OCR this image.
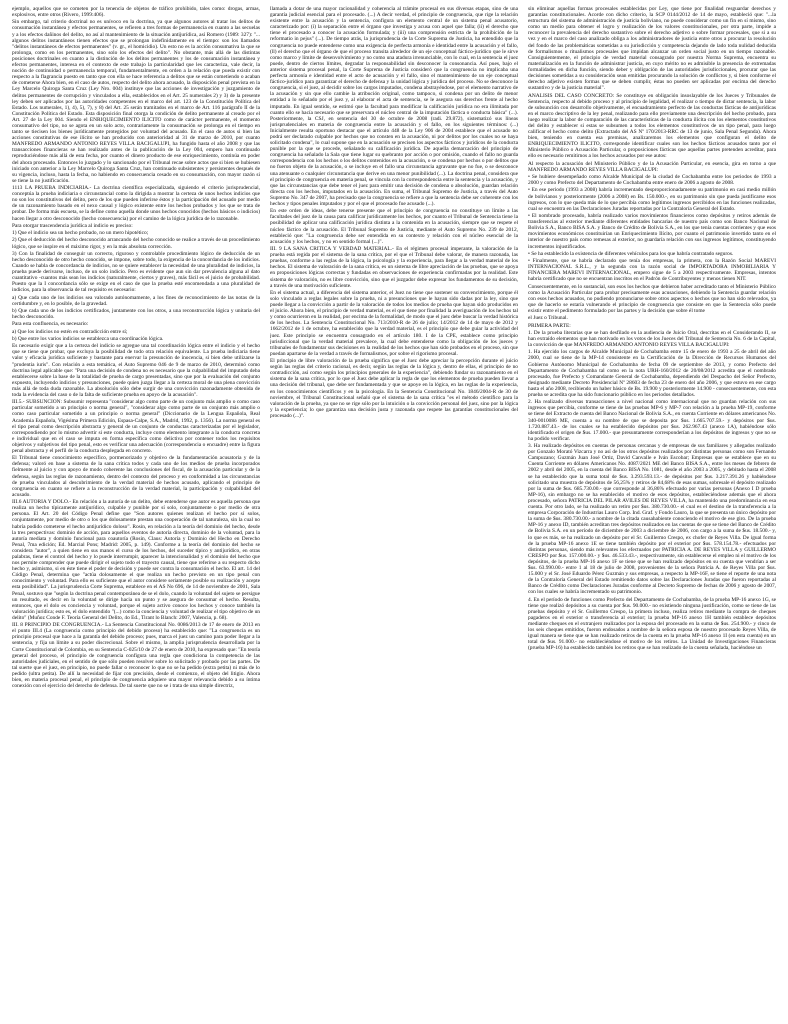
ejemplo, aquellos que se cometen por la tenencia de objetos de tráfico prohibido, tales como: drogas, armas, explosivos, entre otros (Rivero, 1999:406).

Sin embargo, tal criterio doctrinal no es unívoco en la doctrina, ya que algunos autores al tratar los delitos de consumación instantánea y efectos permanentes, se refieren a tres formas de permanencia en cuanto a las secuelas y a los efectos dañinos del delito, no así al mantenimiento de la situación antijurídica, así Romero (1989: 327): "... algunos delitos instantáneos tienen efectos que se prolongan indefinidamente en el tiempo: son los llamados "delitos instantáneos de efectos permanentes" (v. gr., el homicidio). Un esto no es la acción consumativa la que se prolonga, como en los permanentes, sino solo los efectos del delito". No obstante, más allá de las distintas posiciones doctrinales en cuanto a la distinción de los delitos permanentes y los de consumación instantánea y efectos permanentes, interesa en el contexto de este trabajo la particularidad que les caracteriza, vale decir, la noción de continuidad o permanencia temporal, fundamentalmente, en orden a la relación que pueda existir con respecto a la flagrancia puesto en tanto que con ella se hace referencia a delitos que se están cometiendo o acaban de cometerse Ahora bien, en el caso de autos, respecto del delito ahora acusado, la disposición penal prevista en la Ley Marcelo Quiroga Santa Cruz (Ley Nro. 004) instituye que las acciones de investigación y juzgamiento de delitos permanentes de corrupción y vinculados a ella, establecidos en el Art. 25 numerales 2) y 3) de la presente ley deben ser aplicados por las autoridades competentes en el marco del art. 123 de la Constitución Política del Estado. Los numerales, 1), 4), 5), 7), y 8) del Art. 25 serán tramitados en el marco de Art. 116 parágrafo II de la Constitución Política del Estado. Esta disposición final otorga la condición de delito permanente al creado por el Art. 27 de la Ley 004. Siendo el ENRIQUECIMIENTO ILICITO como de carácter permanente, el momento consumativo del tipo, no se agota en un solo acto, contrariamente la consumación se prolonga en el tiempo en tanto se tiecisen los bienes jurídicamente protegidos por voluntad del acusado. En el caso de autos si bien las acciones constitutivas de ese ilícito se han producido con anterioridad al 31 de marzo de 2010, por cuanto MANFREDO ARMANDO ANTONIO REYES VILLA BACIGALUPI, ha fungido hasta el año 2008 y que las transacciones financieras se han realizado antes de la publicación de la Ley 004, empero han continuado reproduciéndose más allá de esta fecha, por cuanto el dinero producto de ese enriquecimiento, continúa en poder del ahora procesado. Entonces lo juzgado y lo sancionado por el Tribunal recae sobre actos que si bien se hubiesen iniciado con anterior a la Ley Marcelo Quiroga Santa Cruz, han continuado subsistentes y persistentes después de su vigencia, incluso, hasta la fecha, no habiendo en consecuencia cesado en su consumación, con mayor razón si se tiene la no justificación.

1113 LA PRUEBA INDICIARIA.- La doctrina científica especializada, siguiendo el criterio jurisprudencial, conceptúa la prueba indiciaria o circunstancial como la dirigida a mostrar la certeza de unos hechos indicios que no son los constitutivos del delito, pero de los que pueden inferirse éstos y la participación del acusado por medio de un razonamiento basado en el nexo causal y lógico existente entre los hechos probados y los que se trata de probar. De forma más escueta, se la define como aquella donde unos hechos conocidos (hechos básicos o indicios) hacen llegar a otro desconocido (hecho consecuencia) por el camino de la lógica jurídica de lo razonable.

Para otorgar trascendencia jurídica al indicio es preciso:

1) Que el indicio sea un hecho probado, no un mero hipotético;

2) Que el deducción del hecho desconocido arrancando del hecho conocido se realice a través de un procedimiento lógico, que se inspire en el máximo rigor, y en la más absoluta corrección.

3) Con la finalidad de conseguir un correcto, riguroso y controlable procedimiento lógico de deducción de un hecho desconocido de otro hecho conocido, se impone, sobre todo, la exigencia de la concordancia de los indicios. Cuando se habla de concordancia de indicios, no se quiere establecer la necesidad de una pluralidad de indicios, la prueba puede derivarse, incluso, de un solo indicio. Pero es evidente que aun sin dar prevalencia alguna al dato cuantitativo -cuantos más sean los indicios (naturalmente, ciertos y graves), más fácil es el juicio de probabilidad. Puesto que la I concordancia sólo se exige en el caso de que la prueba esté encomendada a una pluralidad de indicios, para la observancia de tal requisito es necesario:

a) Que cada uno de los indicios sea valorado autónomamente, a los fines de reconocimiento de las notas de la certidumbre y, en lo posible, de la gravedad.

b) Que cada uno de los indicios certificados, juntamente con los otros, a una reconstrucción lógica y unitaria del hecho desconocido.

Para esta confluencia, es necesario:

a) Que los indicios no estén en contradicción entre sí;

b) Que entre los varios indicios se establezca una coordinación lógica.

Es necesario exigir que a la certeza del indicio se agregue una tal coordinación lógica entre el indicio y el hecho que se tiene que probar, que excluya la posibilidad de todo otra relación equivalente. La prueba indiciaria tiene valor y eficacia jurídica suficiente y bastante para enervar la presunción de inocencia, si bien debe utilizarse la "prudentia iuris". Con relación a esta temática, el Auto Supremo 046 de 9 de marzo de 2010, determinó como doctrina legal aplicable que: "Para una decisión de condena no es necesario que la culpabilidad del imputado deba establecerse sobre la base de la totalidad de prueba de cargo presentadas, sino que por la evaluación del conjunto expuesto, incluyendo indicios y presunciones, puede quien juzga llegar a la certeza moral de una plena convicción más allá de toda duda razonable. La absolución sólo debe surgir de una convicción razonadamente obtenida de toda la evidencia del caso o de la falta de suficiente prueba en apoyo de la acusación".

III.5.- SUBSUNCION: Subsumir representa "considerar algo como parte de un conjunto más amplio o como caso particular sometido a un principio o norma general", "considerar algo como parte de un conjunto más amplio o como caso particular sometido a un principio o norma general" (Diccionario de la Lengua Española, Real Academia Española, Vigésima Primera Edición, Espasa-Calpe, S.A., Madrid, 1992, p. 1356). La norma general es el tipo penal como descripción abstracta y general de un conjunto de conductas caracterizadas por el legislador, correspondiendo por lo mismo advertir si este conducta, incluye como elemento integrante a la conducta concreta e individual que en el caso se imputa en forma específica como delictiva por contener todos los requisitos objetivos y subjetivos del tipo penal, esto es verificar una adecuación (correspondencia o encuadre) entre la figura penal abstracta y el perfil de la conducta desplegada en concreto.

El Tribunal tiene conocimiento específico, pormenorizado y objetivo de la fundamentación acusatoria y de la defensa; valoró en base a sistema de la sana crítica todos y cada uno de los medios de prueba incorporados fielmente al juicio y con apoyo de modo coherente las conclusiones del fiscal, de la acusación particular y de la defensa, según las reglas de razonamiento, dentro del contexto del proceso y en conformidad a las circunstancias de prueba vinculados al descubrimiento de la verdad material de hechos acusado, aplicando el principio de congruencia en cuanto se refiere a la reconstrucción de la verdad material, la participación y culpabilidad del acusado.

III.6 AUTORIA Y DOLO.- En relación a la autoría de un delito, debe entenderse que autor es aquella persona que realiza un hecho típicamente antijurídico, culpable y punible por sí solo, conjuntamente o por medio de otra persona. El Art. 20 del Código Penal define que "Son autores quienes realizan el hecho por sí solos, conjuntamente, por medio de otro o los que dolosamente prestan una cooperación de tal naturaleza, sin la cual no habría podido cometerse el hecho antijurídico doloso". Rosin, en relación a la teoría del dominio del hecho, desde la tres perspectivas: dominio de acción, para aquellos eventos de autoría directa, dominio de la voluntad, para la autoría mediata y dominio funcional para coautoría (Rosin, Claus: Autoría y Dominio del Hecho en Derecho Penal, 7ma edición; Ed. Marcial Pons; Madrid: 2005, p. 149). Conforme a la teoría del dominio del hecho se considera "autor", a quien tiene en sus manos el curso de los hechos, del suceder típico y antijurídico, en otras palabras, tiene el control del hecho y lo puede interrumpir, aparecer la intencionalidad y el dominio del hecho que nos permite comprender que puede dirigir el sujeto todo el trayecto causal, tiene que referirse a su respecto dicho hecho y, asimismo, si en éste tiene el poder de decisión y puede ser contra la consumación el hecho. El art. 14 del Código Penal, determina que "actúa dolosamente el que realiza un hecho previsto en un tipo penal con conocimiento y voluntad. Para ello es suficiente que el autor considere seriamente posible su realización y acepte esta posibilidad". La jurisprudencia Corte Suprema, establece en el AS No 696, de 14 de noviembre de 2001, Sala Penal, sostuvo que "según la doctrina penal contemporánea de se el dolo, cuando la voluntad del sujeto se persigue un resultado, es decir en la voluntad se dirige hacia un punto y se asegura de consumar el hecho. Resulta, entonces, que el dolo es conciencia y voluntad, porque el sujeto activo conoce los hechos y conoce también la valoración jurídica; esto es, el dolo entendido "(...) como la conciencia y voluntad de realizar el tipo objetivo de un delito" (Muñoz Conde F. Teoría General del Delito, 4o Ed., Tirant lo Blanch: 2007, Valencia, p. 68).

III. 8 PRINCIPIO DE CONGRUENCIA.- La Sentencia Constitucional No. 0086/2013 de 17 de enero de 2013 en el punto III.4 (La congruencia como principio del debido proceso) ha establecido que: "La congruencia es un principio procesal que hace a la garantía del debido proceso; pues, marca el juez un camino para poder llegar a la sentencia, y fija un límite a su poder discrecional. Sobre el mismo, la amplia jurisprudencia desarrollada por la Corte Constitucional de Colombia, en su Sentencia C-025/10 de 27 de enero de 2010, ha expresado que: "En teoría general del proceso, el principio de congruencia configura una regla que condiciona la competencia de las autoridades judiciales, en el sentido de que sólo pueden resolver sobre lo solicitado y probado por las partes. De tal suerte que el juez, en principio, no puede fallar o reconocer lo que no se ha pedido (extra petita) ni más de lo pedido (ultra petita). De allí la necesidad de fijar con precisión, desde el comienzo, el objeto del litigio. Ahora bien, en materia procesal penal, el principio de congruencia adquiere una mayor relevancia debido a su íntima conexión con el ejercicio del derecho de defensa. De tal suerte que no se i trata de una simple directriz,

llamada a dotar de una mayor racionalidad y coherencia al trámite procesal en sus diversas etapas, sino de una garantía judicial esencial para el procesado. (...) A decir verdad, el principio de congruencia, que rige la relación existente entre la acusación y la sentencia, configura un elemento central de un sistema penal acusatorio, caracterizado por: (i) la separación entre el órgano que investiga y acusa con aquel que falla; (ii) el derecho que tiene el procesado a conocer la acusación formulada; y (iii) una comprensión estricta de la prohibición de la reformatio in pejus" (...). De tiempo atrás, la jurisprudencia de la Corte Suprema de Justicia, ha entendido que la congruencia no puede entenderse como una exigencia de perfecta armonía e identidad entre la acusación y el fallo, (ll) el derecho que el órgano de que el proceso transita alrededor de un eje conceptual fáctico-jurídico que le sirve como marco y límite de desenvolvimiento y no como una atadura irrenunciable, con lo cual, en la sentencia el juez puede, dentro de ciertos límites, degradar la responsabilidad sin desconocer la consonancia. Así pues, bajo el anterior sistema procesal penal, la Corte Suprema de Justicia consideró que la congruencia no implicaba una perfecta armonía e identidad entre el acto de acusación y el fallo, sino el mantenimiento de un eje conceptual fáctico-jurídico para garantizar el derecho de defensa y la unidad lógica y jurídica del proceso. No se desconoce la congruencia, si el juez, al decidir sobre los cargos imputados, condena abstrayéndose, por el elemento narrativo de la acusación y sin que ello cambie la atribución original, como tampoco, si condena por un delito de menor entidad a lo señalado por el juez y, al elaborar el acta de sentencia, se le asegura sus derechos frente al hecho imputado. En igual sentido, se estimó que la facultad para modificar la calificación jurídica no era ilimitada por cuanto ello se hacía necesario que se preservara el núcleo central de la imputación fáctica o conducta básica" (...). Posteriormente, la CSJ, en sentencia del 30 de octubre de 2008 (radi. 29.872), sistematizó sus líneas jurisprudenciales en materia de congruencia entre la acusación y el fallo, en los siguientes términos: (...) Inicialmente resulta oportuno destacar que el artículo 448 de la Ley 906 de 2004 establece que el acusado no podrá ser declarado culpable por hechos que no consten en la acusación, ni por delitos por los cuales no se haya solicitado condena", lo cual supone que en la acusación se precisen los aspectos fácticos y jurídicos de la conducta punible por la que se procede, señalando su calificación jurídica. De aquella demarcación del principio de congruencia ha señalado la Sala que tiene lugar su quebranto por acción o por omisión, cuando el fallo no guarda correspondencia con los hechos o los delitos contenidos en la acusación, o se condena por hechos o por delitos que no fueron objeto de la acusación, o se incluye en el fallo una circunstancia agravante que no fue, o se desconoce una atenuante o cualquier circunstancia que derive en una menor punibilidad (...). La doctrina penal, considera que el principio de congruencia en materia penal, se vincula con la correspondencia entre la sentencia y la acusación, y que las circunstancias que debe tener el juez para emitir una decisión de condena o absolución, guardan relación directa con los hechos, imputados en la acusación. En suma, el Tribunal Supremo de Justicia, a través del Auto Supremo No. 347 de 2007, ha precisado que la congruencia se refiere a que la sentencia debe ser coherente con los hechos y tipos penales imputados y por el que el procesado fue acusado (...).

En este orden de ideas, debe tenerse presente que el principio de congruencia no constituye un límite a las facultades del juez de la causa para calificar jurídicamente los hechos, por cuanto el Tribunal de Sentencia tiene la posibilidad de aplicar una calificación jurídica distinta a la contenida en la acusación, siempre que se respete el núcleo fáctico de la acusación. El Tribunal Supremo de Justicia, mediante el Auto Supremo No. 239 de 2012, estableció que: "La congruencia debe ser entendida en su contexto y relación con el núcleo esencial de la acusación y los hechos, y no en sentido formal (...)".

III. 9 LA SANA CRITICA Y VERDAD MATERIAL.- En el régimen procesal imperante, la valoración de la prueba está regida por el sistema de la sana crítica, por el que el Tribunal debe valorar, de manera razonada, las pruebas, conforme a las reglas de la lógica, la psicología y la experiencia, para llegar a la verdad material de los hechos. El sistema de valoración de la sana crítica, es un sistema de libre apreciación de las pruebas, que se apoya en proposiciones lógicas correctas y fundadas en observaciones de experiencia confirmadas por la realidad. Este sistema de valoración, no es libre convicción, sino que el juzgador debe expresar los fundamentos de su decisión, a través de una motivación suficiente.

En el sistema actual, a diferencia del sistema anterior, el Juez no tiene que sostener su convencimiento, porque él solo vinculado a reglas legales sobre la prueba, ni a presunciones que le hayan sido dadas por la ley, sino que puede llegar a la convicción a partir de la valoración de todos los medios de prueba que hayan sido producidos en el juicio. Ahora bien, el principio de verdad material, es el que tiene por finalidad la averiguación de los hechos tal y como ocurrieron en la realidad, por encima de la formalidad, de modo que el juez debe buscar la verdad histórica de los hechos. La Sentencia Constitucional No. 713/2010-R de 26 de julio; 14/2012 de 14 de mayo de 2012 y 1662/2012 de 1 de octubre, ha establecido que la verdad material, es el principio que debe guiar la actividad del juez. Este principio se encuentra consagrado en el artículo 180. I de la CPE, establece como principio jurisdiccional que la verdad material prevalece, la cual debe entenderse como la obligación de los jueces y tribunales de fundamentar sus decisiones en la realidad de los hechos que han sido probados en el proceso, sin que puedan apartarse de la verdad a través de formalismos, por sobre el rigorismo procesal.

El principio de libre valoración de la prueba significa que el Juez debe apreciar la percepción durante el juicio según las reglas del criterio racional, es decir, según las reglas de la lógica y, dentro de ellas, el principio de no contradicción, así como según los principios generales de la experiencia", debiendo fundar su razonamiento en el sistema de la sana crítica, por lo que el Juez debe aplicar la regla de que los elementos de prueba pueden llevar a una decisión del tribunal, que debe ser fundamentada y que se apoye en la lógica, en las reglas de la experiencia, en los conocimientos científicos y en la psicología. En la Sentencia Constitucional No. 1846/2004-R de 30 de noviembre, el Tribunal Constitucional señaló que el sistema de la sana crítica "es el método científico para la valoración de la prueba, ya que no se rige sólo por la intuición o la convicción personal del juez, sino por la lógica y la experiencia; lo que garantiza una decisión justa y razonada que respete las garantías constitucionales del procesado (...)".

sin eliminar aquellas formas procesales establecidas por Ley, que tiene por finalidad resguardar derechos y garantías constitucionales. Acorde con dicho criterio, la SCP 0144/2012 de 14 de mayo, estableció que: "...la estructura del sistema de administración de justicia boliviano, no puede considerar como un fin en sí mismo, sino como un medio para obtener el logro y realización de los valores constitucionales, por otra parte, impide a reconocer la prevalencia del derecho sustantivo sobre el derecho adjetivo o sobre formar procesales, que si a su vez y en el marco del caso analizado obliga a los administradores de justicia entre otros a procurar la resolución del fondo de las problemáticas sometidas a su jurisdicción y competencia dejando de lado toda nulidad deducida de formalismos o ritualismos procesales que impidan alcanzar un orden social justo en un tiempo razonable. Consiguientemente, el principio de verdad material consagrado por nuestra Norma Suprema, encuentra su materialización en la función de administrar justicia, en cuyo mérito no es admisible la presencia de extremadas formalidades en dicha función, siendo deber y obligación de las autoridades jurisdiccionales, procurar que las decisiones sometidas a su consideración sean emitidas procurando la solución de conflictos y, si bien conforme el derecho adjetivo existen formas que se deben cumplir, éstas no pueden ser aplicadas por encima del derecho sustantivo y de la justicia material".

ANALISIS DEL CASO CONCRETO: Se constituye en obligación insoslayable de los Jueces y Tribunales de Sentencia, respecto al debido proceso y al principio de legalidad, el realizar o tiempo de dictar sentencia, la labor de subsunción con desarrollo objetivamente, el encuadramiento perfecto de las conductas fácticas de antijurídicas en el marco descriptivo de la ley penal, realizando para ello previamente una descripción del hecho probado, para luego realizar la labor de comparación de las características de la conducta ilícita con los elementos constitutivos del delito y establecer si estas se subsumen a todos los elementos constitutivos de un tipo penal, para luego calificar el hecho como delito (Extractado del AS Nº 170/2013-RRC de 13 de junio, Sala Penal Segunda). Ahora bien, teniendo en cuenta esa premisas, analizaremos los elementos que configuran el delito de ENRIQUECIMIENTO ILICITO, corresponde identificar cuales son los hechos fácticos acusados tanto por el Ministerio Público o Acusación Particular, o proposiciones fácticas que aquellas partes pretenden acreditar, para ello es necesario remitirnos a los hechos acusados por ese autos:

Al respecto la acusación del Ministerio Público y de la Acusación Particular, en esencia, gira en torno a que MANFREDO ARMANDO REYES VILLA BACIGALUPI:

• Se hubiere desempeñado como Alcalde Municipal de la ciudad de Cochabamba entre los periodos de 1993 a 2000 y como Prefecto del Departamento de Cochabamba entre enero de 2006 a agosto de 2008.

• En ese periodo (1993 a 2008) habría incrementado desproporcionadamente su patrimonio en casi medio millón de bolivianos y posteriormente (2006 a 2008) en Bs. 150.000.-, en su patrimonio sin que pueda justificarse esos ingresos, con lo que queda más de lo que percibía como legítimos ingresos percibidos en las funciones realizadas, cual se encuentra en las Declaraciones Juradas reportadas por la Contraloría General del Estado.

• El nombrado procesado, habría realizado varios movimientos financieros como depósitos y retiros además de transferencias al exterior mediante diferentes entidades bancarias de nuestro país como son Banco Nacional de Bolivia S.A., Banco BISA S.A. y Banco de Crédito de Bolivia S.A., en los que tenía cuentas corrientes y que esos movimientos económicos constituirían un Enriquecimiento Ilícito, por cuanto el patrimonio invertido tanto en el interior de nuestro país como remesas al exterior, no guardaría relación con sus ingresos legítimos, constituyendo incrementos injustificados.

• Se ha establecido la existencia de diferentes vehículos para los que habría contratado seguros.

• Finalmente, que se habría declarado que tenía dos empresas, la primera, con la Razón Social MAREVI INTERNACIONAL S.R.L., y la segunda con la razón social de IMPORTADORA INMOBILIARIA Y FINANCIERA MAREVI INTERNACIONAL, empero sigue de 5 a 2003 respectivamente. Empresas, intentos habría certificado que no se encuentran inscritos en el Padrón de Contribuyentes y menos tienen NIT.

Consecuentemente, en lo sustancial, son esos los hechos que debieron haber acreditado tanto el Ministerio Público como la Acusación Particular para probar precisamente esas acusaciones, debiendo la Sentencia guardar relación con esos hechos acusados, no pudiendo pronunciarse sobre otros aspectos o hechos que no han sido relevados, ya que de hacerlo se estaría vulnerando el principio de congruencia que consiste en que la Sentencia sólo puede existir entre el pedimento formulado por las partes y la decisión que sobre él tome

el Juez o Tribunal.

PRIMERA PARTE:

1. De la prueba literarias que se han desfilado en la audiencia de Juicio Oral, descritas en el Considerando II, se han extraído elementos que han motivado en los votos de los Jueces del Tribunal de Sentencia No. 6 de la Capital, la convicción de que MANFREDO ARMANDO ANTONIO REYES VILLA BACIGALUPI:

1. Ha ejercido los cargos de Alcalde Municipal de Cochabamba entre 15 de enero de 1993 a 25 de abril del año 2000, cual se tiene de la MP-14 consistente en la Certificación de la Dirección de Recursos Humanos del Gobierno Autónomo Municipal de Cochabamba de fecha 09 de septiembre de 2013, y como Prefecto del Departamento de Cochabamba tal como en la nota URH-160/2012 de 20/08/2012 acredita que el nombrado procesado, fue Prefecto y Comandante General de Cochabamba, dependiendo del Despacho del Señor Prefecto, designado mediante Decreto Presidencial Nº 28603 de fecha 23 de enero del año 2006, y que estuvo en ese cargo hasta el año 2008, recibiendo un haber básico de Bs. 19.900 y posteriormente 14.900 - consecuentemente, con esta prueba se acredita que ha sido funcionario público en los periodos detallados.

2. Ha realizado diversas transacciones a nivel nacional como internacional que no guardan relación con sus ingresos que percibía, conforme se tiene de las pruebas MP-6 y MP-7 con relación a la prueba MP-19, conforme se tiene del Extracto de cuenta del Banco Nacional de Bolivia S.A., en cuenta Corriente en dólares americanos No. 340-0010086 ME, cuenta a su nombre de que se deposita por $us. 1.665.707.59.- y depósitos por $us. 1.720.887.43.- de los cuales se ha establecido depósitos por $us. 262.967.43 (anexo 1A), habiéndose sólo identificado el origen de $us. 17.000.- que presuntamente corresponderían a los depósitos de ingresos y que no se ha podido verificar.

3. Ha realizado depósitos en cuentas de personas cercanas y de empresas de sus familiares y allegados realizado por Gonzalo Morató Vizcarra y no así de los otros depósitos realizados por distintas personas como son Fernando Campuzano; Guzmán Juan José Ortiz, David Canvalle e Iván Escobar; Empresas que se establece que en su Cuenta Corriente en dólares Americanos No. 4087/2021 ME del Banco BISA S.A., entre los meses de febrero de 2002 y abril del 2005, en la cuenta del Banco BISA No. 1081, desde el año 2003 a 2005, y debitado hasta el 2008 se ha establecido que la suma total de $us. 3.293.593.13.- de depósitos por $us. 3.217.391.26 y habiéndose solicitado una muestra de depósitos de 56,25% y retiros de 84,68% de esas sumas, sobresale el depósito realizado por la suma de $us. 685.730.00.- que corresponde al 36,86% efectuado por varias personas (Anexo I D prueba MP-16), sin embargo no se ha establecido el motivo de esos depósitos, estableciéndose además que el ahora procesado, señora PATRICIA DEL PILAR AVILES DE REYES VILLA, ha mantenido una predominancia en esa cuenta. Por otro lado, se ha realizado un retiro por $us. 380.730.00.- el cual es el destino de la transferencia a la empresa Corporación de Industrias Lauro Corp. Ind. Graf. y Fondo Lauro, la que se presenta un único depósito por la suma de $us. 380.730.00.- a nombre de la citada causahabiente conociendo el motivo de ese giro. De la prueba MP-16 y anexo ID, también acreditan tres depósitos realizados en las cuentas de que se tiene del Banco de Crédito de Bolivia S.A. en un período de diciembre de 2003 a diciembre de 2006, con cargo a la suma de $us. 18.500.- y, lo que es más, se ha realizado un depósito por el Sr. Guillermo Crespo, ex chofer de Reyes Villa. De igual forma de la prueba MP-16 anexo 1E se tiene también depósito por el exterior por $us. 578.154.78.- efectuados por distintas personas, siendo más relevantes los efectuados por PATRICIA A. DE REYES VILLA y GUILLERMO CRESPO por $us. 157.000.00.- y $us. 46.533.43.-, respectivamente, sin establecerse el empleo ni el motivo de los depósitos, de la prueba MP-16 anexo 1F se tiene que se han realizado depósitos en su cuenta que vendrían a ser $us. 63.990.00.- entre 1 al 18 de julio de 2008, provenientes de la señora Patricia A. de Reyes Villa por $us. 15.000 y el Sr. José Eduardo Pérez Guzmán y sus empresas, a respecto la MP-16F, se tiene el reporte de una nota de la Contraloría General del Estado remitiendo datos sobre las Declaraciones Juradas que fueron reportadas al Banco de Crédito como Declaraciones Juradas conforme al Decreto Supremo de fechas de 2006 y agosto de 2007, con los cuales se habría incrementado su patrimonio.

4. En el período de funciones como Prefecto del Departamento de Cochabamba, de la prueba MP-16 anexo 1G, se tiene que realizó depósitos a su cuenta por $us. 90.000.- no existiendo ninguna justificación, como se tiene de las pruebas depósito y el Sr. Guillermo Crespo, la primera incluso, realiza retiros mediante la compra de cheques pagaderos en el exterior o transferencia al exterior; la prueba MP-16 anexo 1H también establece depósitos mediante cheques en el extranjero realizados por la esposa del procesado en la suma de $us. 254.900.- y cinco de los seis cheques emitidos, fueron endosados a nombre de la señora esposa de nuestro procesado Reyes Villa, de igual manera se tiene que se han realizado retiros de la cuenta en la prueba MP-16 anexo 1I (en esta cuenta) en un total de $us. 91.000.- no estableciéndose el motivo de los retiros. La Unidad de Investigaciones Financieras (prueba MP-16) ha establecido también los retiros que se han realizado de la cuenta señalada, haciéndose un
